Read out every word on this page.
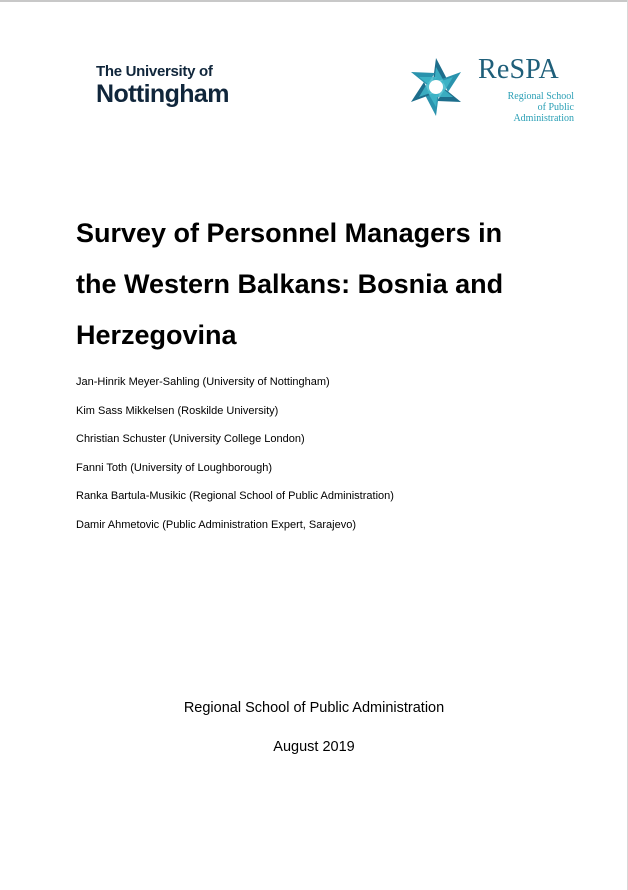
The University of
Nottingham
ReSPA
Regional School
of Public Administration
Survey of Personnel Managers in
the Western Balkans: Bosnia and
Herzegovina
Jan-Hinrik Meyer-Sahling (University of Nottingham)
Kim Sass Mikkelsen (Roskilde University)
Christian Schuster (University College London)
Fanni Toth (University of Loughborough)
Ranka Bartula-Musikic (Regional School of Public Administration)
Damir Ahmetovic (Public Administration Expert, Sarajevo)
Regional School of Public Administration
August 2019
